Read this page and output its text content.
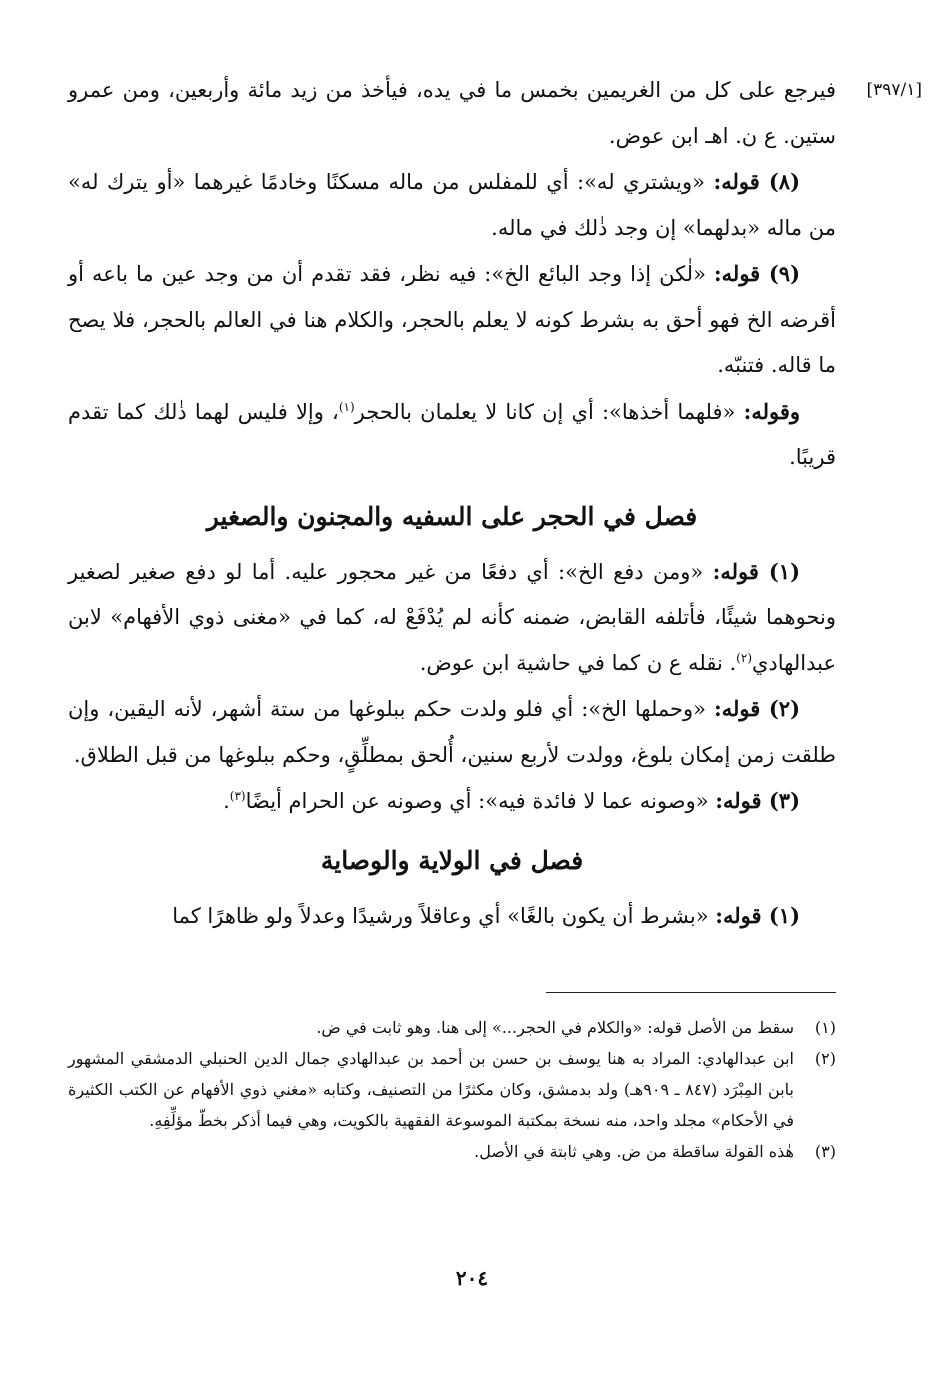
[٣٩٧/١]

فيرجع على كل من الغريمين بخمس ما في يده، فيأخذ من زيد مائة وأربعين، ومن عمرو ستين. ع ن. اهـ ابن عوض.

(٨) قوله: «ويشتري له»: أي للمفلس من ماله مسكنًا وخادمًا غيرهما «أو يترك له» من ماله «بدلهما» إن وجد ذٰلك في ماله.

(٩) قوله: «لٰكن إذا وجد البائع الخ»: فيه نظر، فقد تقدم أن من وجد عين ما باعه أو أقرضه الخ فهو أحق به بشرط كونه لا يعلم بالحجر، والكلام هنا في العالم بالحجر، فلا يصح ما قاله. فتنبّه.

وقوله: «فلهما أخذها»: أي إن كانا لا يعلمان بالحجر$^{(١)}$، وإلا فليس لهما ذٰلك كما تقدم قريبًا.

فصل في الحجر على السفيه والمجنون والصغير

(١) قوله: «ومن دفع الخ»: أي دفعًا من غير محجور عليه. أما لو دفع صغير لصغير ونحوهما شيئًا، فأتلفه القابض، ضمنه كأنه لم يُدْفَعْ له، كما في «مغنى ذوي الأفهام» لابن عبدالهادي$^{(٢)}$. نقله ع ن كما في حاشية ابن عوض.

(٢) قوله: «وحملها الخ»: أي فلو ولدت حكم ببلوغها من ستة أشهر، لأنه اليقين، وإن طلقت زمن إمكان بلوغ، وولدت لأربع سنين، أُلحق بمطلِّقٍ، وحكم ببلوغها من قبل الطلاق.

(٣) قوله: «وصونه عما لا فائدة فيه»: أي وصونه عن الحرام أيضًا$^{(٣)}$.

فصل في الولاية والوصاية

(١) قوله: «بشرط أن يكون بالغًا» أي وعاقلاً ورشيدًا وعدلاً ولو ظاهرًا كما

(١)
سقط من الأصل قوله: «والكلام في الحجر...» إلى هنا. وهو ثابت في ض.
(٢)
ابن عبدالهادي: المراد به هنا يوسف بن حسن بن أحمد بن عبدالهادي جمال الدين الحنبلي الدمشقي المشهور بابن المِبْرَد (٨٤٧ ـ ٩٠٩هـ) ولد بدمشق، وكان مكثرًا من التصنيف، وكتابه «مغني ذوي الأفهام عن الكتب الكثيرة في الأحكام» مجلد واحد، منه نسخة بمكتبة الموسوعة الفقهية بالكويت، وهي فيما أذكر بخطّ مؤلِّفِهِ.
(٣)
هٰذه القولة ساقطة من ض. وهي ثابتة في الأصل.
٢٠٤
